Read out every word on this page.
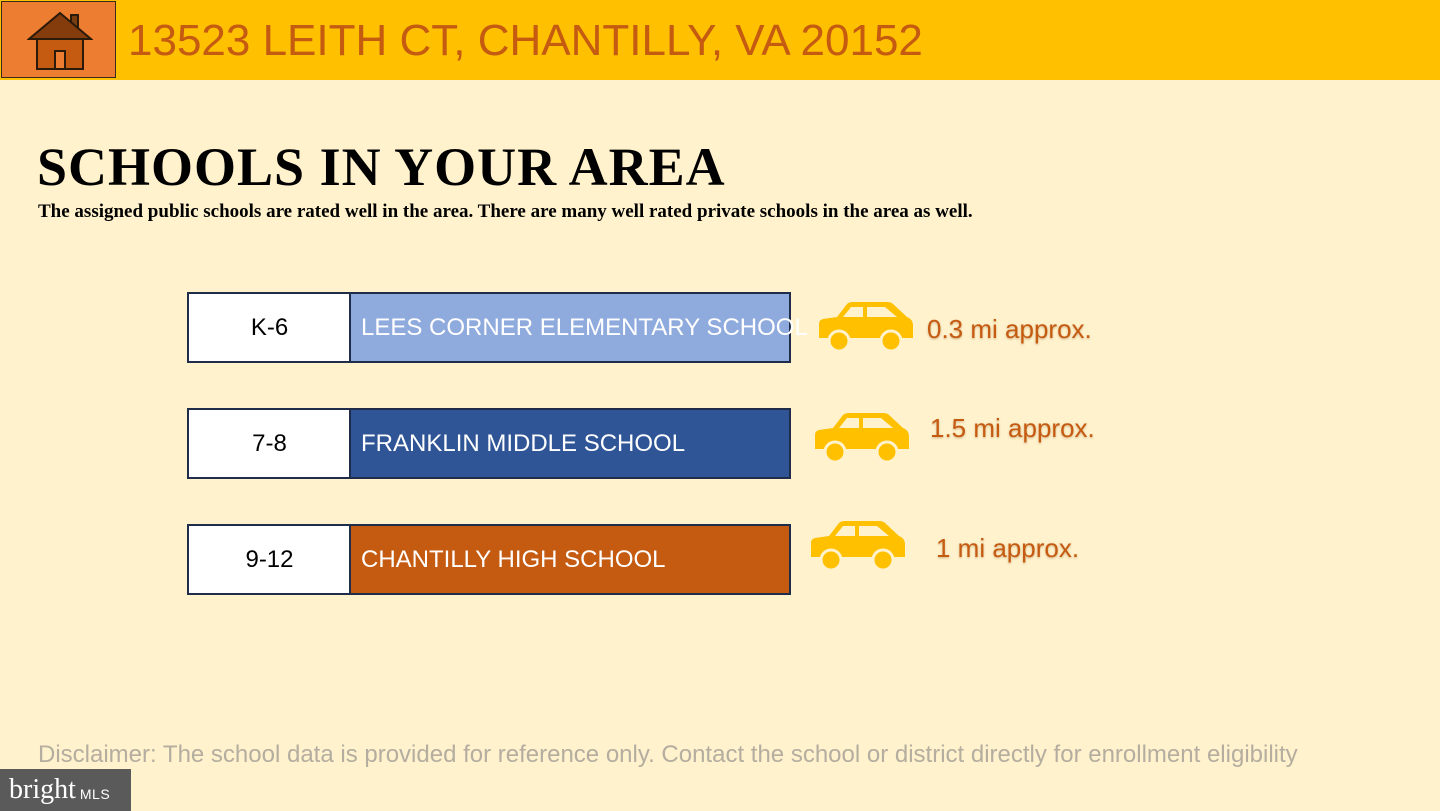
13523 LEITH CT, CHANTILLY, VA 20152
SCHOOLS IN YOUR AREA

The assigned public schools are rated well in the area. There are many well rated private schools in the area as well.

K-6	LEES CORNER ELEMENTARY SCHOOL	0.3 mi approx.
7-8	FRANKLIN MIDDLE SCHOOL	1.5 mi approx.
9-12	CHANTILLY HIGH SCHOOL	1 mi approx.
Disclaimer: The school data is provided for reference only. Contact the school or district directly for enrollment eligibility
bright MLS
